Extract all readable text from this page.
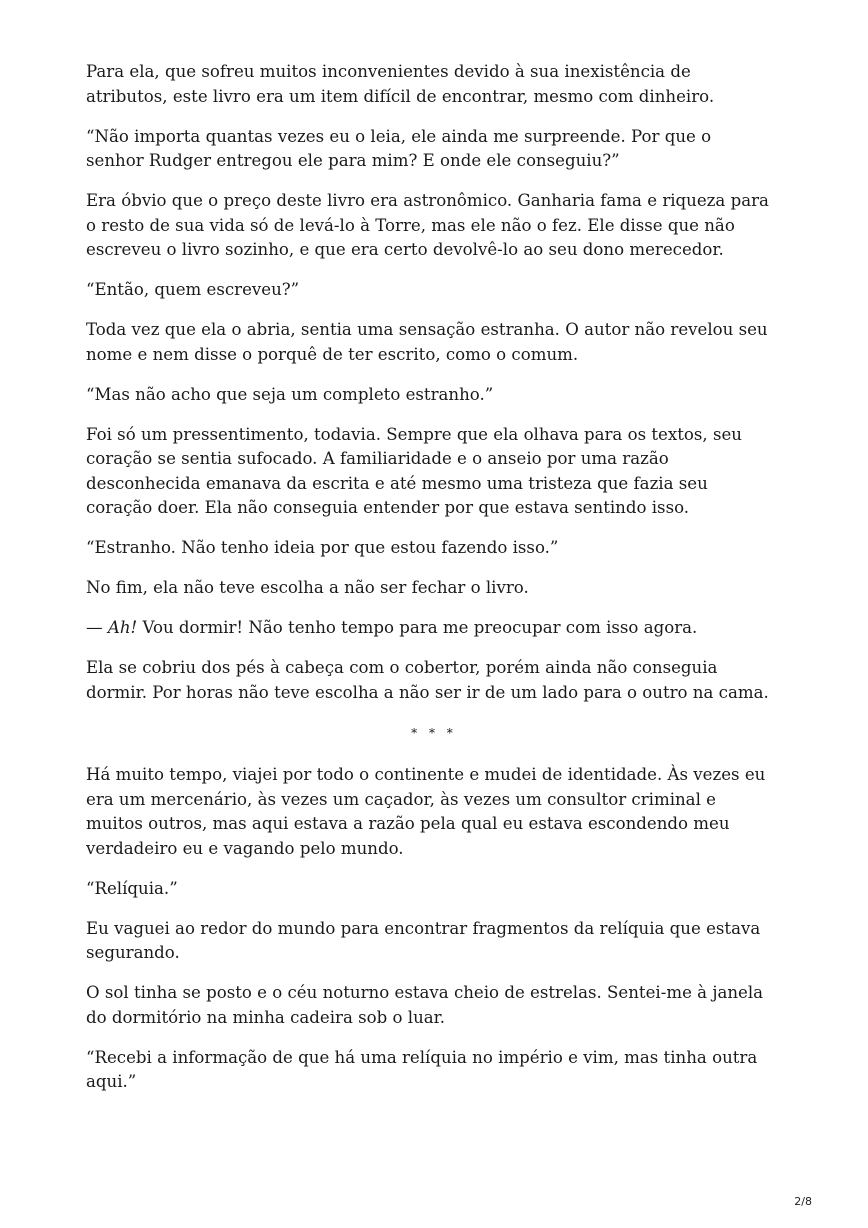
Para ela, que sofreu muitos inconvenientes devido à sua inexistência de atributos, este livro era um item difícil de encontrar, mesmo com dinheiro.

“Não importa quantas vezes eu o leia, ele ainda me surpreende. Por que o senhor Rudger entregou ele para mim? E onde ele conseguiu?”

Era óbvio que o preço deste livro era astronômico. Ganharia fama e riqueza para o resto de sua vida só de levá-lo à Torre, mas ele não o fez. Ele disse que não escreveu o livro sozinho, e que era certo devolvê-lo ao seu dono merecedor.

“Então, quem escreveu?”

Toda vez que ela o abria, sentia uma sensação estranha. O autor não revelou seu nome e nem disse o porquê de ter escrito, como o comum.

“Mas não acho que seja um completo estranho.”

Foi só um pressentimento, todavia. Sempre que ela olhava para os textos, seu coração se sentia sufocado. A familiaridade e o anseio por uma razão desconhecida emanava da escrita e até mesmo uma tristeza que fazia seu coração doer. Ela não conseguia entender por que estava sentindo isso.

“Estranho. Não tenho ideia por que estou fazendo isso.”

No fim, ela não teve escolha a não ser fechar o livro.

— Ah! Vou dormir! Não tenho tempo para me preocupar com isso agora.

Ela se cobriu dos pés à cabeça com o cobertor, porém ainda não conseguia dormir. Por horas não teve escolha a não ser ir de um lado para o outro na cama.

* * *

Há muito tempo, viajei por todo o continente e mudei de identidade. Às vezes eu era um mercenário, às vezes um caçador, às vezes um consultor criminal e muitos outros, mas aqui estava a razão pela qual eu estava escondendo meu verdadeiro eu e vagando pelo mundo.

“Relíquia.”

Eu vaguei ao redor do mundo para encontrar fragmentos da relíquia que estava segurando.

O sol tinha se posto e o céu noturno estava cheio de estrelas. Sentei-me à janela do dormitório na minha cadeira sob o luar.

“Recebi a informação de que há uma relíquia no império e vim, mas tinha outra aqui.”

2/8
